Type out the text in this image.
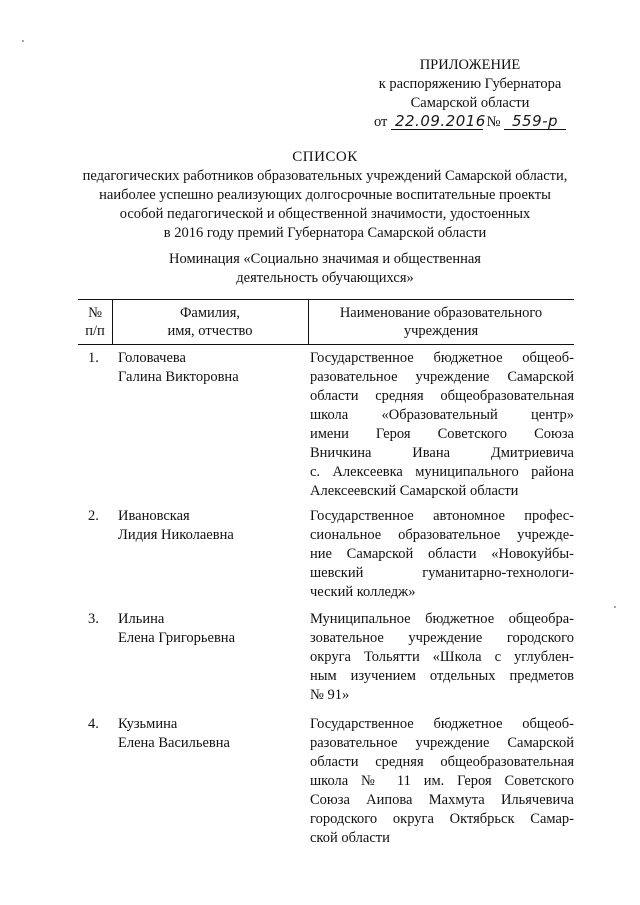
ПРИЛОЖЕНИЕ
к распоряжению Губернатора
Самарской области
от 22.09.2016 № 559-р
СПИСОК
педагогических работников образовательных учреждений Самарской области,
наиболее успешно реализующих долгосрочные воспитательные проекты
особой педагогической и общественной значимости, удостоенных
в 2016 году премий Губернатора Самарской области
Номинация «Социально значимая и общественная
деятельность обучающихся»
№
п/п
Фамилия,
имя, отчество
Наименование образовательного
учреждения
1. Головачева
Галина Викторовна
Государственное бюджетное общеоб-
разовательное учреждение Самарской
области средняя общеобразовательная
школа «Образовательный центр»
имени Героя Советского Союза
Вничкина Ивана Дмитриевича
с. Алексеевка муниципального района
Алексеевский Самарской области
2. Ивановская
Лидия Николаевна
Государственное автономное профес-
сиональное образовательное учрежде-
ние Самарской области «Новокуйбы-
шевский гуманитарно-технологи-
ческий колледж»
3. Ильина
Елена Григорьевна
Муниципальное бюджетное общеобра-
зовательное учреждение городского
округа Тольятти «Школа с углублен-
ным изучением отдельных предметов
№ 91»
4. Кузьмина
Елена Васильевна
Государственное бюджетное общеоб-
разовательное учреждение Самарской
области средняя общеобразовательная
школа № 11 им. Героя Советского
Союза Аипова Махмута Ильячевича
городского округа Октябрьск Самар-
ской области
